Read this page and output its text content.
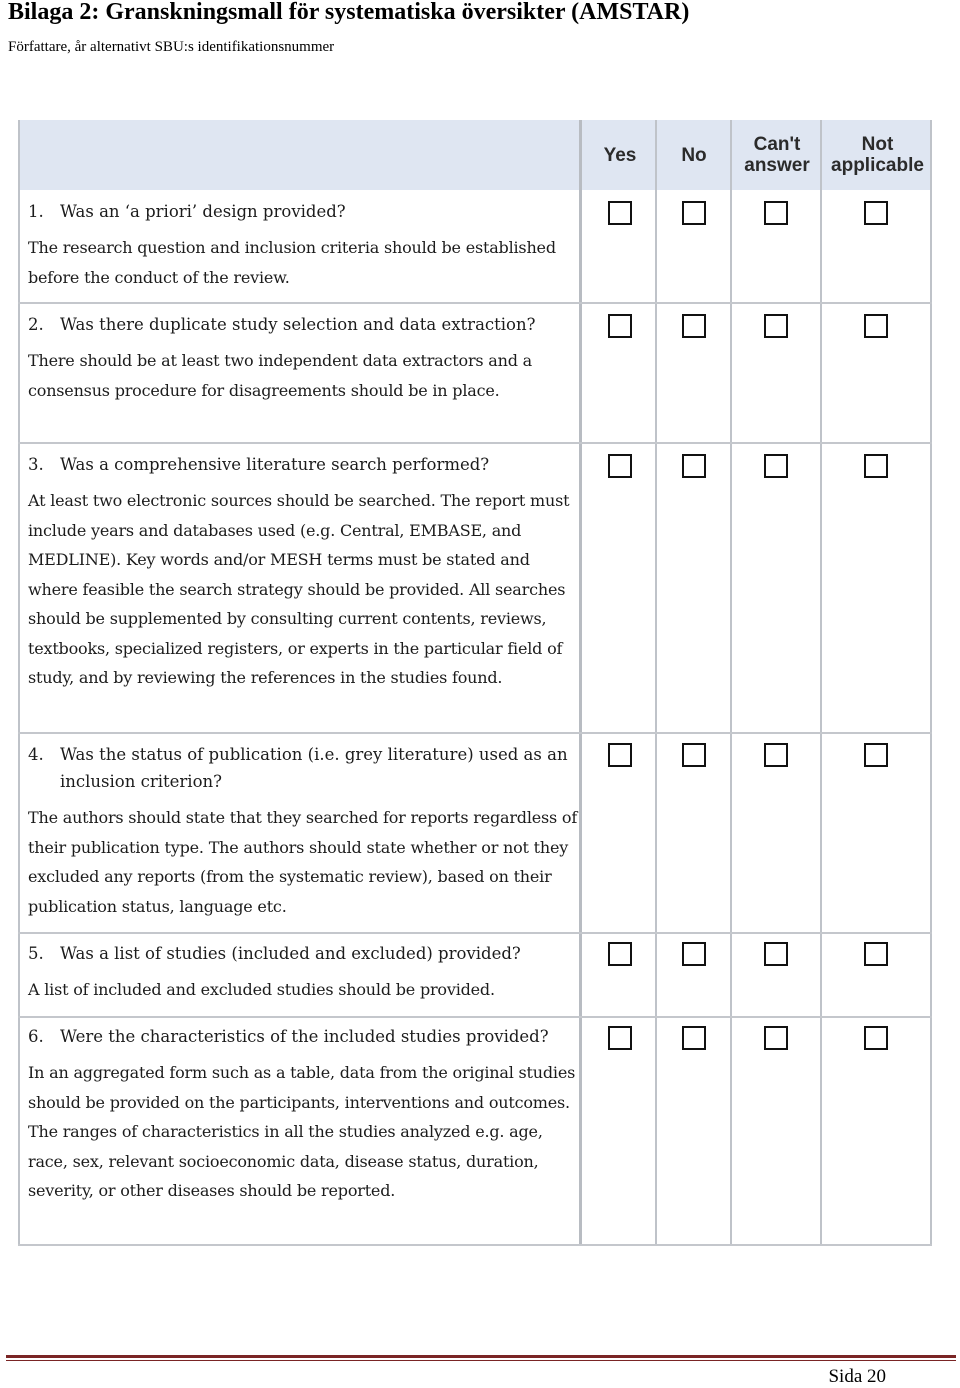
Bilaga 2: Granskningsmall för systematiska översikter (AMSTAR)
Författare, år alternativt SBU:s identifikationsnummer
Yes	No	Can't
answer
Not
applicable
1. Was an ‘a priori’ design provided?
The research question and inclusion criteria should be established before the conduct of the review.
2. Was there duplicate study selection and data extraction?
There should be at least two independent data extractors and a consensus procedure for disagreements should be in place.
3. Was a comprehensive literature search performed?
At least two electronic sources should be searched. The report must include years and databases used (e.g. Central, EMBASE, and MEDLINE). Key words and/or MESH terms must be stated and where feasible the search strategy should be provided. All searches should be supplemented by consulting current contents, reviews, textbooks, specialized registers, or experts in the particular field of study, and by reviewing the references in the studies found.
4. Was the status of publication (i.e. grey literature) used as an inclusion criterion?
The authors should state that they searched for reports regardless of their publication type. The authors should state whether or not they excluded any reports (from the systematic review), based on their publication status, language etc.
5. Was a list of studies (included and excluded) provided?
A list of included and excluded studies should be provided.
6. Were the characteristics of the included studies provided?
In an aggregated form such as a table, data from the original studies should be provided on the participants, interventions and outcomes. The ranges of characteristics in all the studies analyzed e.g. age, race, sex, relevant socioeconomic data, disease status, duration, severity, or other diseases should be reported.
Sida 20
